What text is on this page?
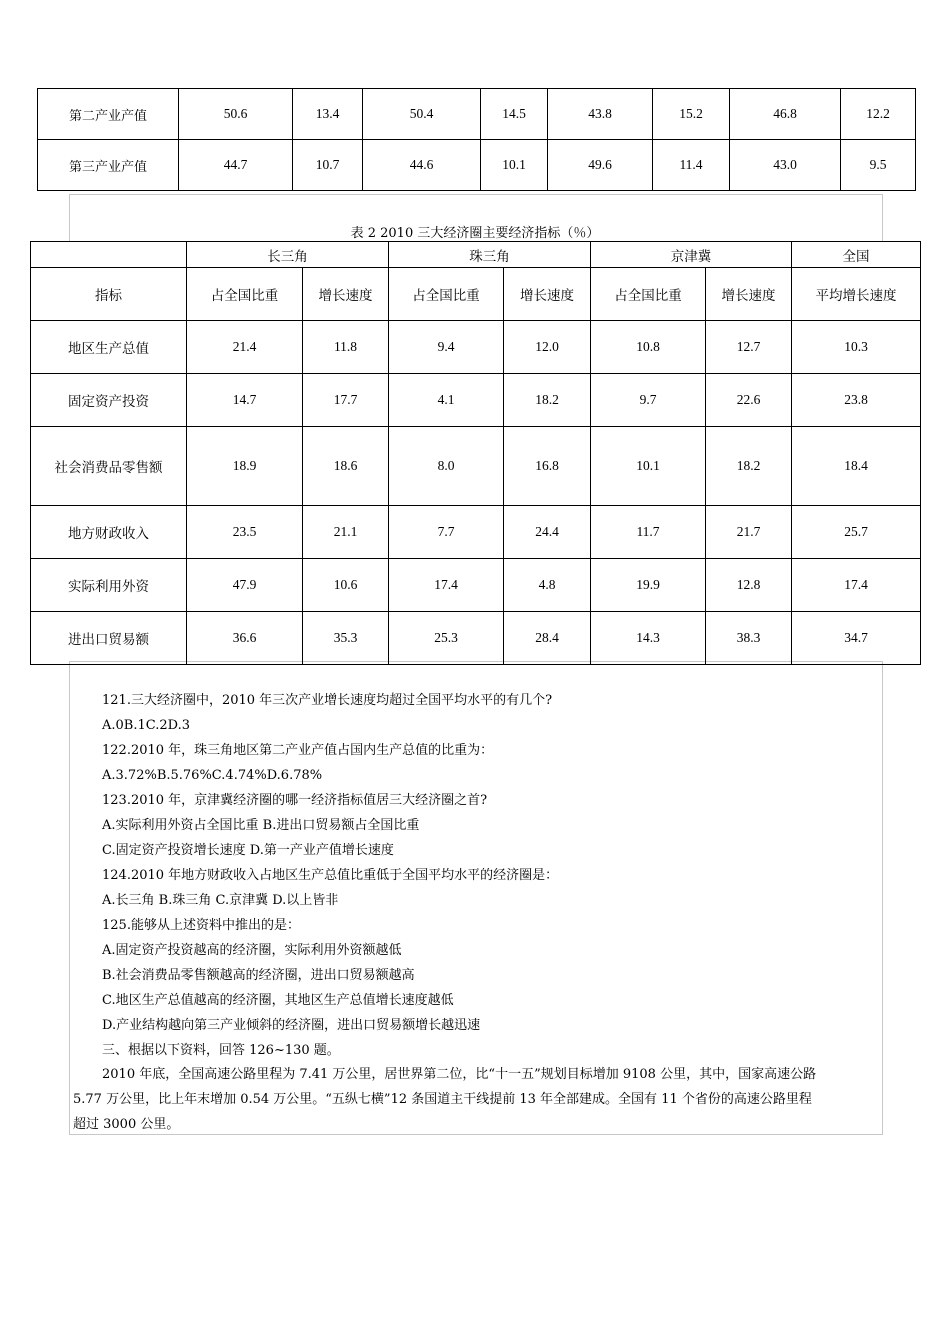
第二产业产值	50.6	13.4	50.4	14.5	43.8	15.2	46.8	12.2
第三产业产值	44.7	10.7	44.6	10.1	49.6	11.4	43.0	9.5
表 2 2010 三大经济圈主要经济指标（％）
	长三角		珠三角		京津冀		全国
指标	占全国比重	增长速度	占全国比重	增长速度	占全国比重	增长速度	平均增长速度
地区生产总值	21.4	11.8	9.4	12.0	10.8	12.7	10.3
固定资产投资	14.7	17.7	4.1	18.2	9.7	22.6	23.8
社会消费品零售额	18.9	18.6	8.0	16.8	10.1	18.2	18.4
地方财政收入	23.5	21.1	7.7	24.4	11.7	21.7	25.7
实际利用外资	47.9	10.6	17.4	4.8	19.9	12.8	17.4
进出口贸易额	36.6	35.3	25.3	28.4	14.3	38.3	34.7
121.三大经济圈中，2010 年三次产业增长速度均超过全国平均水平的有几个?
A.0B.1C.2D.3
122.2010 年，珠三角地区第二产业产值占国内生产总值的比重为：
A.3.72%B.5.76%C.4.74%D.6.78%
123.2010 年，京津冀经济圈的哪一经济指标值居三大经济圈之首?
A.实际利用外资占全国比重 B.进出口贸易额占全国比重
C.固定资产投资增长速度 D.第一产业产值增长速度
124.2010 年地方财政收入占地区生产总值比重低于全国平均水平的经济圈是：
A.长三角 B.珠三角 C.京津冀 D.以上皆非
125.能够从上述资料中推出的是：
A.固定资产投资越高的经济圈，实际利用外资额越低
B.社会消费品零售额越高的经济圈，进出口贸易额越高
C.地区生产总值越高的经济圈，其地区生产总值增长速度越低
D.产业结构越向第三产业倾斜的经济圈，进出口贸易额增长越迅速
三、根据以下资料，回答 126~130 题。
2010 年底，全国高速公路里程为 7.41 万公里，居世界第二位，比“十一五”规划目标增加 9108 公里，其中，国家高速公路
5.77 万公里，比上年末增加 0.54 万公里。“五纵七横”12 条国道主干线提前 13 年全部建成。全国有 11 个省份的高速公路里程
超过 3000 公里。
